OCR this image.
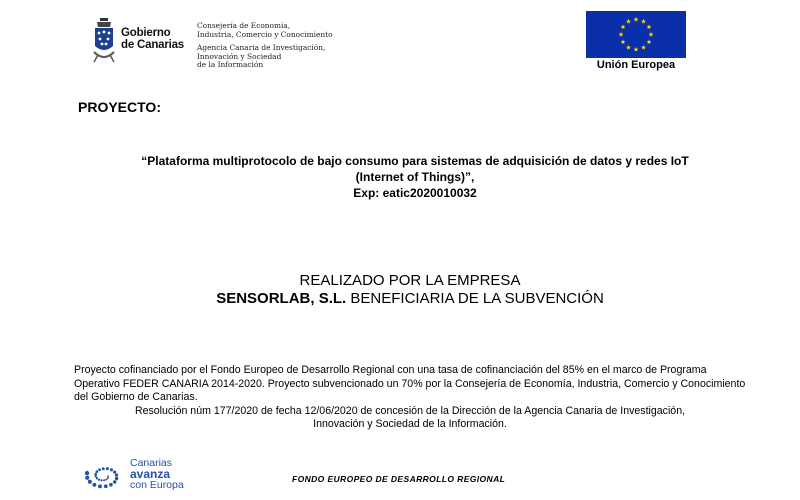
Gobierno
de Canarias
Consejería de Economía,
Industria, Comercio y Conocimiento
Agencia Canaria de Investigación,
Innovación y Sociedad
de la Información	Unión Europea
PROYECTO:
“Plataforma multiprotocolo de bajo consumo para sistemas de adquisición de datos y redes IoT
(Internet of Things)”,
Exp: eatic2020010032
REALIZADO POR LA EMPRESA
SENSORLAB, S.L. BENEFICIARIA DE LA SUBVENCIÓN

Proyecto cofinanciado por el Fondo Europeo de Desarrollo Regional con una tasa de cofinanciación del 85% en el marco de Programa Operativo FEDER CANARIA 2014-2020. Proyecto subvencionado un 70% por la Consejería de Economía, Industria, Comercio y Conocimiento del Gobierno de Canarias.

Resolución núm 177/2020 de fecha 12/06/2020 de concesión de la Dirección de la Agencia Canaria de Investigación,
Innovación y Sociedad de la Información.

Canarias
avanza
con Europa	FONDO EUROPEO DE DESARROLLO REGIONAL
